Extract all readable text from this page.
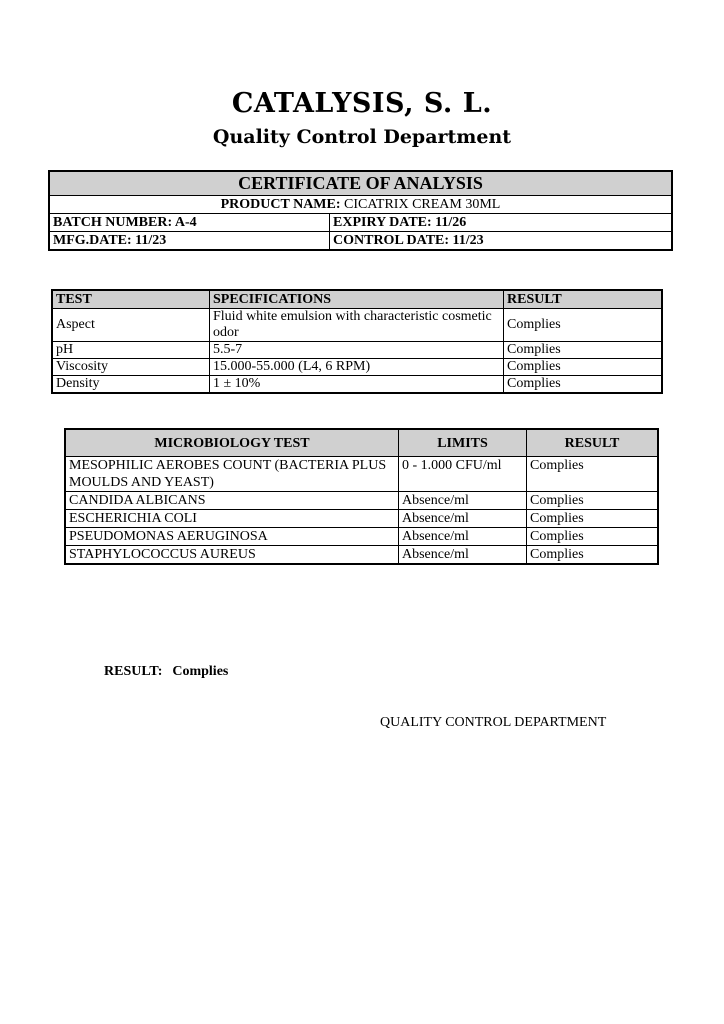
CATALYSIS, S. L.
Quality Control Department
CERTIFICATE OF ANALYSIS
PRODUCT NAME: CICATRIX CREAM 30ML
BATCH NUMBER: A-4	EXPIRY DATE: 11/26
MFG.DATE: 11/23	CONTROL DATE: 11/23
TEST	SPECIFICATIONS	RESULT
Aspect	Fluid white emulsion with characteristic cosmetic odor	Complies
pH	5.5-7	Complies
Viscosity	15.000-55.000 (L4, 6 RPM)	Complies
Density	1 ± 10%	Complies
MICROBIOLOGY TEST	LIMITS	RESULT
MESOPHILIC AEROBES COUNT (BACTERIA PLUS MOULDS AND YEAST)	0 - 1.000 CFU/ml	Complies
CANDIDA ALBICANS	Absence/ml	Complies
ESCHERICHIA COLI	Absence/ml	Complies
PSEUDOMONAS AERUGINOSA	Absence/ml	Complies
STAPHYLOCOCCUS AUREUS	Absence/ml	Complies
RESULT: Complies
QUALITY CONTROL DEPARTMENT
